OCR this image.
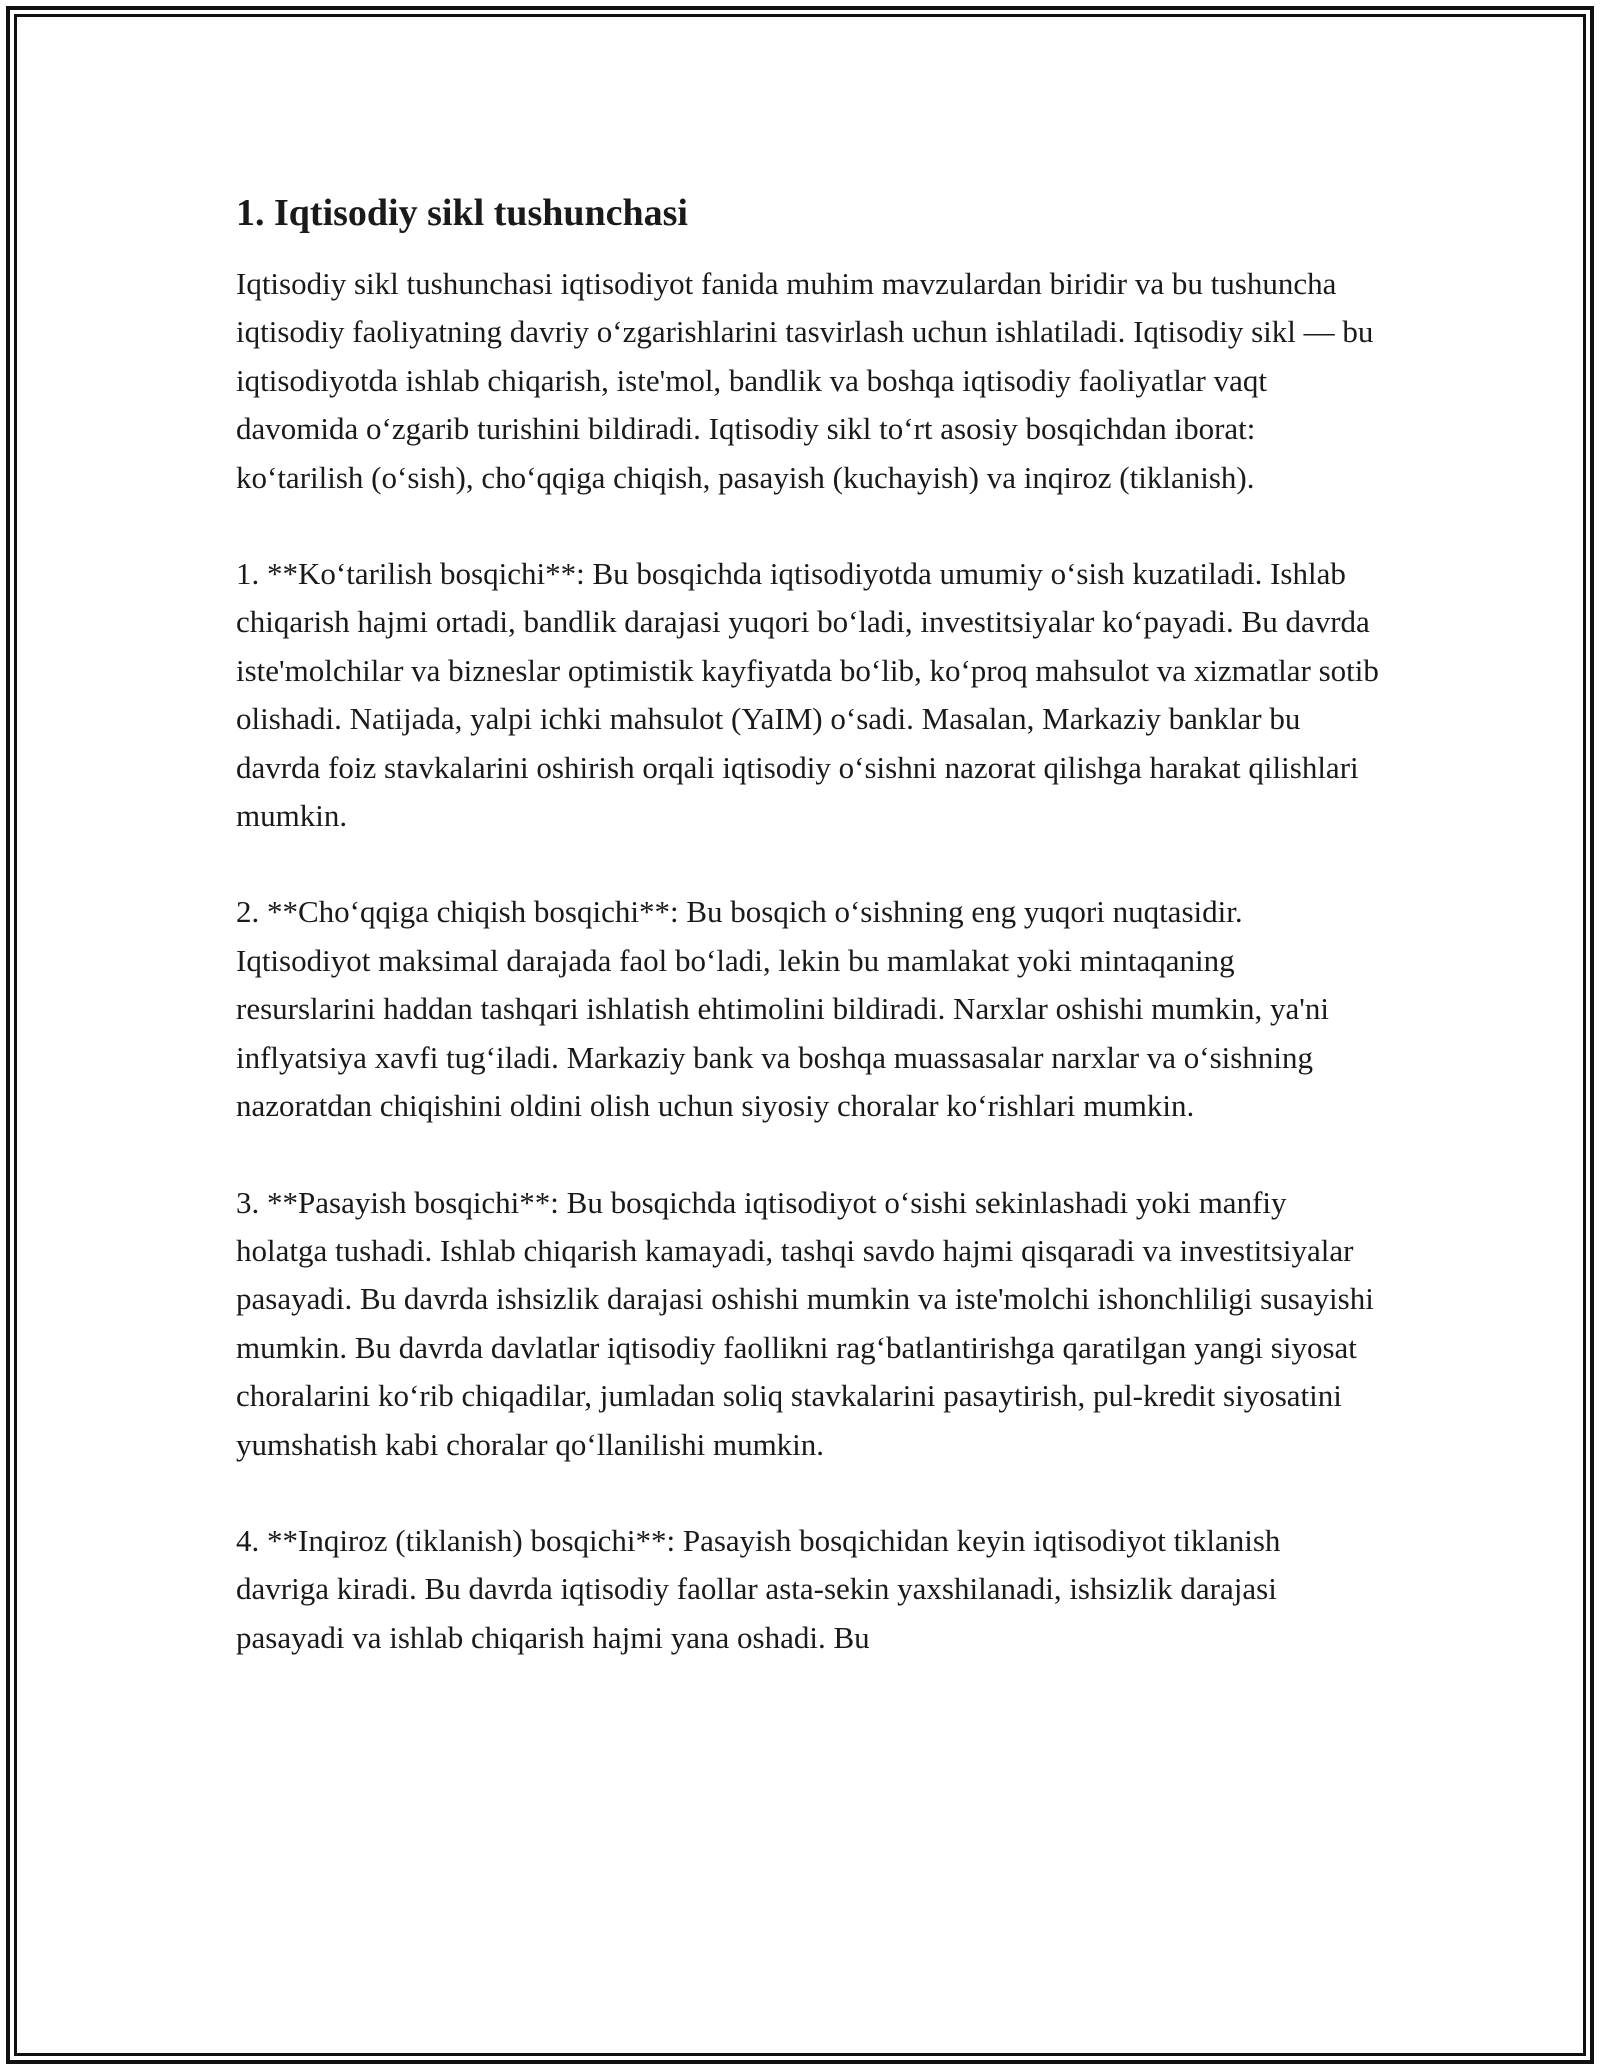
1. Iqtisodiy sikl tushunchasi

Iqtisodiy sikl tushunchasi iqtisodiyot fanida muhim mavzulardan biridir va bu tushuncha iqtisodiy faoliyatning davriy o‘zgarishlarini tasvirlash uchun ishlatiladi. Iqtisodiy sikl — bu iqtisodiyotda ishlab chiqarish, iste'mol, bandlik va boshqa iqtisodiy faoliyatlar vaqt davomida o‘zgarib turishini bildiradi. Iqtisodiy sikl to‘rt asosiy bosqichdan iborat: ko‘tarilish (o‘sish), cho‘qqiga chiqish, pasayish (kuchayish) va inqiroz (tiklanish).

1. **Ko‘tarilish bosqichi**: Bu bosqichda iqtisodiyotda umumiy o‘sish kuzatiladi. Ishlab chiqarish hajmi ortadi, bandlik darajasi yuqori bo‘ladi, investitsiyalar ko‘payadi. Bu davrda iste'molchilar va bizneslar optimistik kayfiyatda bo‘lib, ko‘proq mahsulot va xizmatlar sotib olishadi. Natijada, yalpi ichki mahsulot (YaIM) o‘sadi. Masalan, Markaziy banklar bu davrda foiz stavkalarini oshirish orqali iqtisodiy o‘sishni nazorat qilishga harakat qilishlari mumkin.

2. **Cho‘qqiga chiqish bosqichi**: Bu bosqich o‘sishning eng yuqori nuqtasidir. Iqtisodiyot maksimal darajada faol bo‘ladi, lekin bu mamlakat yoki mintaqaning resurslarini haddan tashqari ishlatish ehtimolini bildiradi. Narxlar oshishi mumkin, ya'ni inflyatsiya xavfi tug‘iladi. Markaziy bank va boshqa muassasalar narxlar va o‘sishning nazoratdan chiqishini oldini olish uchun siyosiy choralar ko‘rishlari mumkin.

3. **Pasayish bosqichi**: Bu bosqichda iqtisodiyot o‘sishi sekinlashadi yoki manfiy holatga tushadi. Ishlab chiqarish kamayadi, tashqi savdo hajmi qisqaradi va investitsiyalar pasayadi. Bu davrda ishsizlik darajasi oshishi mumkin va iste'molchi ishonchliligi susayishi mumkin. Bu davrda davlatlar iqtisodiy faollikni rag‘batlantirishga qaratilgan yangi siyosat choralarini ko‘rib chiqadilar, jumladan soliq stavkalarini pasaytirish, pul-kredit siyosatini yumshatish kabi choralar qo‘llanilishi mumkin.

4. **Inqiroz (tiklanish) bosqichi**: Pasayish bosqichidan keyin iqtisodiyot tiklanish davriga kiradi. Bu davrda iqtisodiy faollar asta-sekin yaxshilanadi, ishsizlik darajasi pasayadi va ishlab chiqarish hajmi yana oshadi. Bu
